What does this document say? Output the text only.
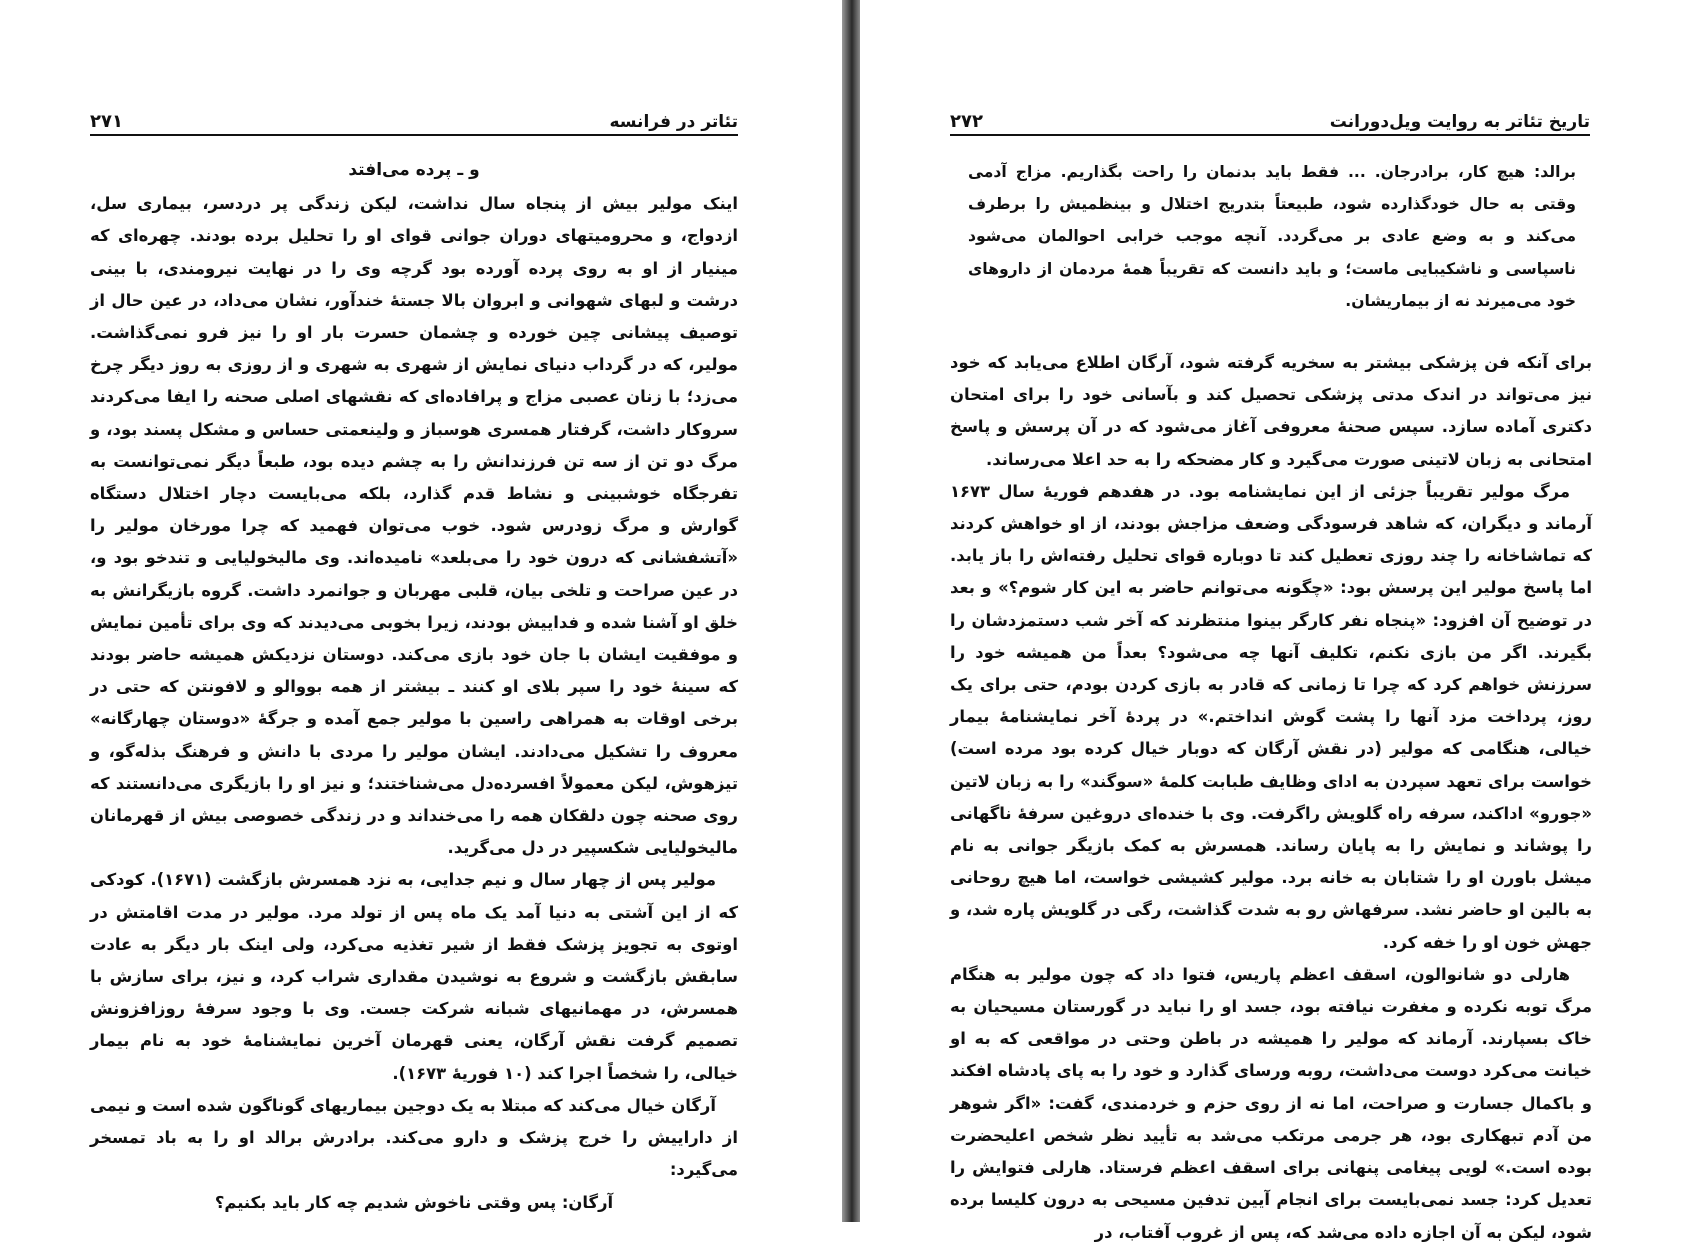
تئاتر در فرانسه
۲۷۱
و ـ پرده می‌افتد

اینک مولیر بیش از پنجاه سال نداشت، لیکن زندگی پر دردسر، بیماری سل، ازدواج، و محرومیتهای دوران جوانی قوای او را تحلیل برده بودند. چهره‌ای که مینیار از او به روی پرده آورده بود گرچه وی را در نهایت نیرومندی، با بینی درشت و لبهای شهوانی و ابروان بالا جستهٔ خندآور، نشان می‌داد، در عین حال از توصیف پیشانی چین خورده و چشمان حسرت بار او را نیز فرو نمی‌گذاشت. مولیر، که در گرداب دنیای نمایش از شهری به شهری و از روزی به روز دیگر چرخ می‌زد؛ با زنان عصبی مزاج و پرافاده‌ای که نقشهای اصلی صحنه را ایفا می‌کردند سروکار داشت، گرفتار همسری هوسباز و ولینعمتی حساس و مشکل پسند بود، و مرگ دو تن از سه تن فرزندانش را به چشم دیده بود، طبعاً دیگر نمی‌توانست به تفرجگاه خوشبینی و نشاط قدم گذارد، بلکه می‌بایست دچار اختلال دستگاه گوارش و مرگ زودرس شود. خوب می‌توان فهمید که چرا مورخان مولیر را «آتشفشانی که درون خود را می‌بلعد» نامیده‌اند. وی مالیخولیایی و تندخو بود و، در عین صراحت و تلخی بیان، قلبی مهربان و جوانمرد داشت. گروه بازیگرانش به خلق او آشنا شده و فداییش بودند، زیرا بخوبی می‌دیدند که وی برای تأمین نمایش و موفقیت ایشان با جان خود بازی می‌کند. دوستان نزدیکش همیشه حاضر بودند که سینهٔ خود را سپر بلای او کنند ـ بیشتر از همه بووالو و لافونتن که حتی در برخی اوقات به همراهی راسین با مولیر جمع آمده و جرگهٔ «دوستان چهارگانه» معروف را تشکیل می‌دادند. ایشان مولیر را مردی با دانش و فرهنگ بذله‌گو، و تیزهوش، لیکن معمولاً افسرده‌دل می‌شناختند؛ و نیز او را بازیگری می‌دانستند که روی صحنه چون دلقکان همه را می‌خنداند و در زندگی خصوصی بیش از قهرمانان مالیخولیایی شکسپیر در دل می‌گرید.

مولیر پس از چهار سال و نیم جدایی، به نزد همسرش بازگشت (۱۶۷۱). کودکی که از این آشتی به دنیا آمد یک ماه پس از تولد مرد. مولیر در مدت اقامتش در اوتوی به تجویز پزشک فقط از شیر تغذیه می‌کرد، ولی اینک بار دیگر به عادت سابقش بازگشت و شروع به نوشیدن مقداری شراب کرد، و نیز، برای سازش با همسرش، در مهمانیهای شبانه شرکت جست. وی با وجود سرفهٔ روزافزونش تصمیم گرفت نقش آرگان، یعنی قهرمان آخرین نمایشنامهٔ خود به نام بیمار خیالی، را شخصاً اجرا کند (۱۰ فوریهٔ ۱۶۷۳).

آرگان خیال می‌کند که مبتلا به یک دوجین بیماریهای گوناگون شده است و نیمی از داراییش را خرج پزشک و دارو می‌کند. برادرش برالد او را به باد تمسخر می‌گیرد:

آرگان: پس وقتی ناخوش شدیم چه کار باید بکنیم؟

تاریخ تئاتر به روایت ویل‌دورانت
۲۷۲

برالد: هیچ کار، برادرجان. ... فقط باید بدنمان را راحت بگذاریم. مزاج آدمی وقتی به حال خودگذارده شود، طبیعتاً بتدریج اختلال و بینظمیش را برطرف می‌کند و به وضع عادی بر می‌گردد. آنچه موجب خرابی احوالمان می‌شود ناسپاسی و ناشکیبایی ماست؛ و باید دانست که تقریباً همهٔ مردمان از داروهای خود می‌میرند نه از بیماریشان.

برای آنکه فن پزشکی بیشتر به سخریه گرفته شود، آرگان اطلاع می‌یابد که خود نیز می‌تواند در اندک مدتی پزشکی تحصیل کند و بآسانی خود را برای امتحان دکتری آماده سازد. سپس صحنهٔ معروفی آغاز می‌شود که در آن پرسش و پاسخ امتحانی به زبان لاتینی صورت می‌گیرد و کار مضحکه را به حد اعلا می‌رساند.

مرگ مولیر تقریباً جزئی از این نمایشنامه بود. در هفدهم فوریهٔ سال ۱۶۷۳ آرماند و دیگران، که شاهد فرسودگی وضعف مزاجش بودند، از او خواهش کردند که تماشاخانه را چند روزی تعطیل کند تا دوباره قوای تحلیل رفته‌اش را باز یابد. اما پاسخ مولیر این پرسش بود: «چگونه می‌توانم حاضر به این کار شوم؟» و بعد در توضیح آن افزود: «پنجاه نفر کارگر بینوا منتظرند که آخر شب دستمزدشان را بگیرند. اگر من بازی نکنم، تکلیف آنها چه می‌شود؟ بعداً من همیشه خود را سرزنش خواهم کرد که چرا تا زمانی که قادر به بازی کردن بودم، حتی برای یک روز، پرداخت مزد آنها را پشت گوش انداختم.» در پردهٔ آخر نمایشنامهٔ بیمار خیالی، هنگامی که مولیر (در نقش آرگان که دوبار خیال کرده بود مرده است) خواست برای تعهد سپردن به ادای وظایف طبابت کلمهٔ «سوگند» را به زبان لاتین «جورو» اداکند، سرفه راه گلویش راگرفت. وی با خنده‌ای دروغین سرفهٔ ناگهانی را پوشاند و نمایش را به پایان رساند. همسرش به کمک بازیگر جوانی به نام میشل باورن او را شتابان به خانه برد. مولیر کشیشی خواست، اما هیچ روحانی به بالین او حاضر نشد. سرفهاش رو به شدت گذاشت، رگی در گلویش پاره شد، و جهش خون او را خفه کرد.

هارلی دو شانوالون، اسقف اعظم پاریس، فتوا داد که چون مولیر به هنگام مرگ توبه نکرده و مغفرت نیافته بود، جسد او را نباید در گورستان مسیحیان به خاک بسپارند. آرماند که مولیر را همیشه در باطن وحتی در مواقعی که به او خیانت می‌کرد دوست می‌داشت، روبه ورسای گذارد و خود را به پای پادشاه افکند و باکمال جسارت و صراحت، اما نه از روی حزم و خردمندی، گفت: «اگر شوهر من آدم تبهکاری بود، هر جرمی مرتکب می‌شد به تأیید نظر شخص اعلیحضرت بوده است.» لویی پیغامی پنهانی برای اسقف اعظم فرستاد. هارلی فتوایش را تعدیل کرد: جسد نمی‌بایست برای انجام آیین تدفین مسیحی به درون کلیسا برده شود، لیکن به آن اجازه داده می‌شد که، پس از غروب آفتاب، در
